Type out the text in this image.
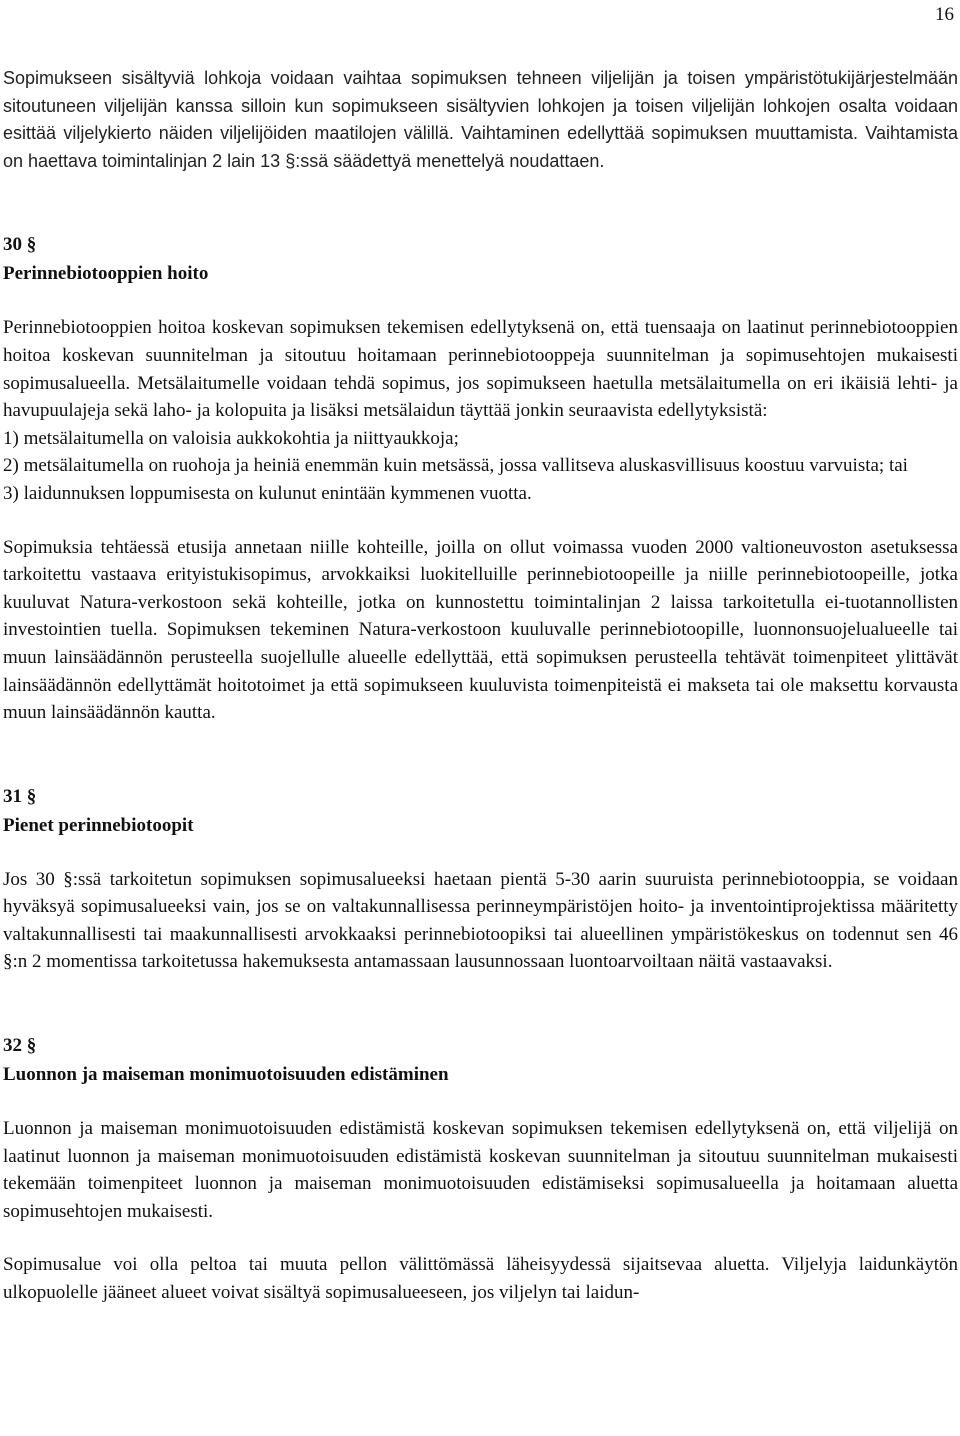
16

Sopimukseen sisältyviä lohkoja voidaan vaihtaa sopimuksen tehneen viljelijän ja toisen ympäristötukijärjestelmään sitoutuneen viljelijän kanssa silloin kun sopimukseen sisältyvien lohkojen ja toisen viljelijän lohkojen osalta voidaan esittää viljelykierto näiden viljelijöiden maatilojen välillä. Vaihtaminen edellyttää sopimuksen muuttamista. Vaihtamista on haettava toimintalinjan 2 lain 13 §:ssä säädettyä menettelyä noudattaen.

30 §
Perinnebiotooppien hoito

Perinnebiotooppien hoitoa koskevan sopimuksen tekemisen edellytyksenä on, että tuensaaja on laatinut perinnebiotooppien hoitoa koskevan suunnitelman ja sitoutuu hoitamaan perinnebiotooppeja suunnitelman ja sopimusehtojen mukaisesti sopimusalueella. Metsälaitumelle voidaan tehdä sopimus, jos sopimukseen haetulla metsälaitumella on eri ikäisiä lehti- ja havupuulajeja sekä laho- ja kolopuita ja lisäksi metsälaidun täyttää jonkin seuraavista edellytyksistä:

1) metsälaitumella on valoisia aukkokohtia ja niittyaukkoja;

2) metsälaitumella on ruohoja ja heiniä enemmän kuin metsässä, jossa vallitseva aluskasvillisuus koostuu varvuista; tai

3) laidunnuksen loppumisesta on kulunut enintään kymmenen vuotta.

Sopimuksia tehtäessä etusija annetaan niille kohteille, joilla on ollut voimassa vuoden 2000 valtioneuvoston asetuksessa tarkoitettu vastaava erityistukisopimus, arvokkaiksi luokitelluille perinnebiotoopeille ja niille perinnebiotoopeille, jotka kuuluvat Natura-verkostoon sekä kohteille, jotka on kunnostettu toimintalinjan 2 laissa tarkoitetulla ei-tuotannollisten investointien tuella. Sopimuksen tekeminen Natura-verkostoon kuuluvalle perinnebiotoopille, luonnonsuojelualueelle tai muun lainsäädännön perusteella suojellulle alueelle edellyttää, että sopimuksen perusteella tehtävät toimenpiteet ylittävät lainsäädännön edellyttämät hoitotoimet ja että sopimukseen kuuluvista toimenpiteistä ei makseta tai ole maksettu korvausta muun lainsäädännön kautta.

31 §
Pienet perinnebiotoopit

Jos 30 §:ssä tarkoitetun sopimuksen sopimusalueeksi haetaan pientä 5-30 aarin suuruista perinnebiotooppia, se voidaan hyväksyä sopimusalueeksi vain, jos se on valtakunnallisessa perinneympäristöjen hoito- ja inventointiprojektissa määritetty valtakunnallisesti tai maakunnallisesti arvokkaaksi perinnebiotoopiksi tai alueellinen ympäristökeskus on todennut sen 46 §:n 2 momentissa tarkoitetussa hakemuksesta antamassaan lausunnossaan luontoarvoiltaan näitä vastaavaksi.

32 §
Luonnon ja maiseman monimuotoisuuden edistäminen

Luonnon ja maiseman monimuotoisuuden edistämistä koskevan sopimuksen tekemisen edellytyksenä on, että viljelijä on laatinut luonnon ja maiseman monimuotoisuuden edistämistä koskevan suunnitelman ja sitoutuu suunnitelman mukaisesti tekemään toimenpiteet luonnon ja maiseman monimuotoisuuden edistämiseksi sopimusalueella ja hoitamaan aluetta sopimusehtojen mukaisesti.

Sopimusalue voi olla peltoa tai muuta pellon välittömässä läheisyydessä sijaitsevaa aluetta. Viljelyja laidunkäytön ulkopuolelle jääneet alueet voivat sisältyä sopimusalueeseen, jos viljelyn tai laidun-
